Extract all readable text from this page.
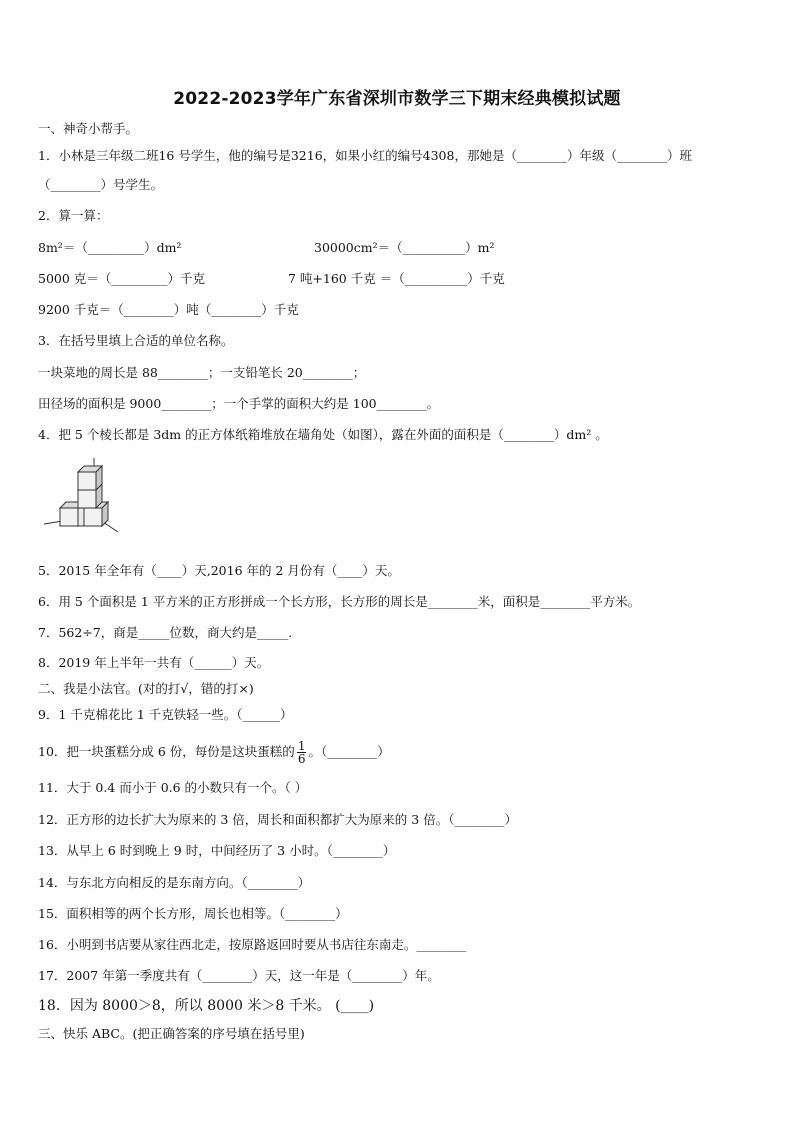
2022-2023学年广东省深圳市数学三下期末经典模拟试题
一、神奇小帮手。
1．小林是三年级二班16 号学生，他的编号是3216，如果小红的编号4308，那她是（________）年级（________）班
（________）号学生。
2．算一算：
8m²＝（_________）dm²	30000cm²＝（__________）m²
5000 克＝（_________）千克	7 吨+160 千克 ＝（__________）千克
9200 千克＝（________）吨（________）千克
3．在括号里填上合适的单位名称。
一块菜地的周长是 88________；一支铅笔长 20________；
田径场的面积是 9000________；一个手掌的面积大约是 100________。
4．把 5 个棱长都是 3dm 的正方体纸箱堆放在墙角处（如图），露在外面的面积是（________）dm² 。
5．2015 年全年有（____）天,2016 年的 2 月份有（____）天。
6．用 5 个面积是 1 平方米的正方形拼成一个长方形，长方形的周长是________米，面积是________平方米。
7．562÷7，商是_____位数，商大约是_____.
8．2019 年上半年一共有（______）天。
二、我是小法官。(对的打√，错的打×)
9．1 千克棉花比 1 千克铁轻一些。（______）
10．把一块蛋糕分成 6 份，每份是这块蛋糕的 $\frac{1}{6}$ 。（________）
11．大于 0.4 而小于 0.6 的小数只有一个。（ ）
12．正方形的边长扩大为原来的 3 倍，周长和面积都扩大为原来的 3 倍。（________）
13．从早上 6 时到晚上 9 时，中间经历了 3 小时。（________）
14．与东北方向相反的是东南方向。（________）
15．面积相等的两个长方形，周长也相等。（________）
16．小明到书店要从家往西北走，按原路返回时要从书店往东南走。________
17．2007 年第一季度共有（________）天，这一年是（________）年。
18．因为 8000＞8，所以 8000 米＞8 千米。 (____)
三、快乐 ABC。(把正确答案的序号填在括号里)
